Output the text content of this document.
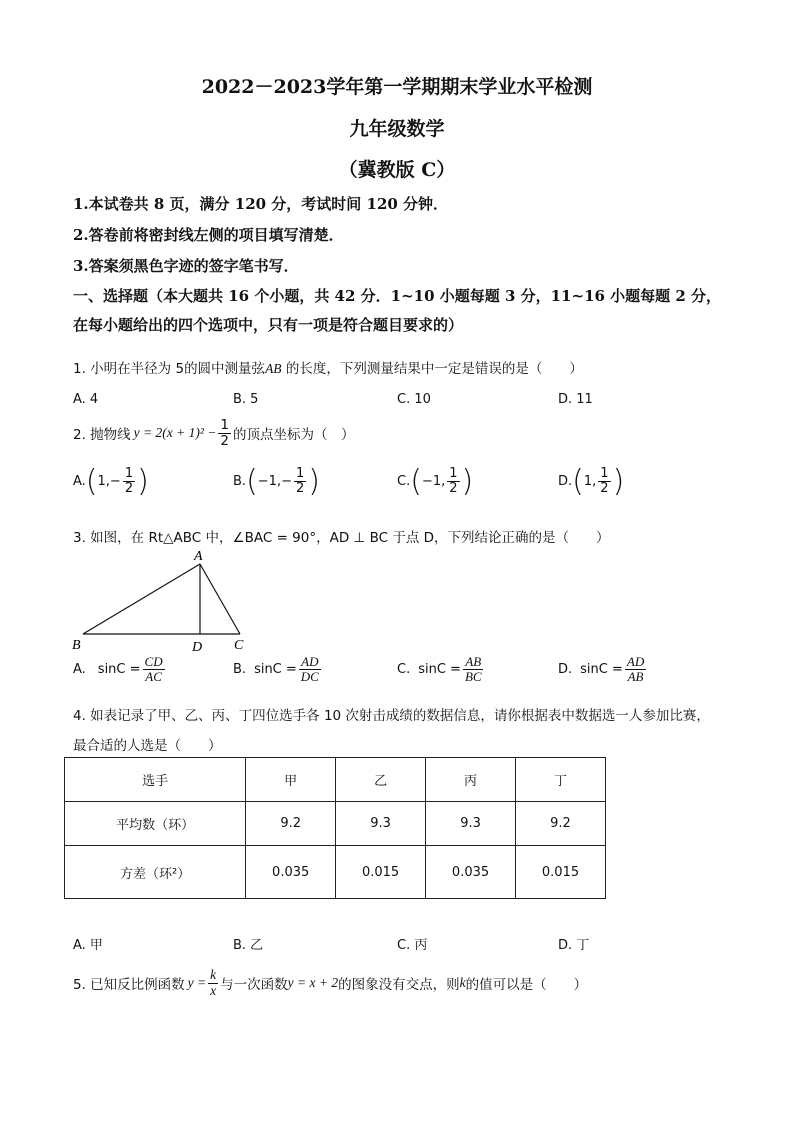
2022－2023学年第一学期期末学业水平检测
九年级数学
（冀教版 C）
1.本试卷共 8 页，满分 120 分，考试时间 120 分钟．
2.答卷前将密封线左侧的项目填写清楚．
3.答案须黑色字迹的签字笔书写．
一、选择题（本大题共 16 个小题，共 42 分．1~10 小题每题 3 分，11~16 小题每题 2 分，在每小题给出的四个选项中，只有一项是符合题目要求的）
1. 小明在半径为 5的圆中测量弦AB 的长度，下列测量结果中一定是错误的是（　　）
A. 4	B. 5	C. 10	D. 11
2. 抛物线 $y = 2(x + 1)^2 - \frac{1}{2}$ 的顶点坐标为（　）
A. ( $1,- \frac{1}{2}$ )	B. ( $-1,- \frac{1}{2}$ )	C. ( −1, $\frac{1}{2}$ )	D. ( 1, $\frac{1}{2}$ )
3. 如图，在 Rt△ABC 中，∠BAC = 90°，AD ⊥ BC 于点 D，下列结论正确的是（　　）
A
B	C
D
A. $\sin C = \frac{CD}{AC}$	B. $\sin C = \frac{AD}{DC}$	C. $\sin C = \frac{AB}{BC}$	D. $\sin C = \frac{AD}{AB}$
4. 如表记录了甲、乙、丙、丁四位选手各 10 次射击成绩的数据信息，请你根据表中数据选一人参加比赛，
最合适的人选是（　　）
选手	甲	乙	丙	丁
平均数（环）	9.2	9.3	9.3	9.2
方差（环²）	0.035	0.015	0.035	0.015
A. 甲	B. 乙	C. 丙	D. 丁
5. 已知反比例函数 $y = \frac{k}{x}$ 与一次函数 y = x + 2 的图象没有交点，则 k 的值可以是（　　）
